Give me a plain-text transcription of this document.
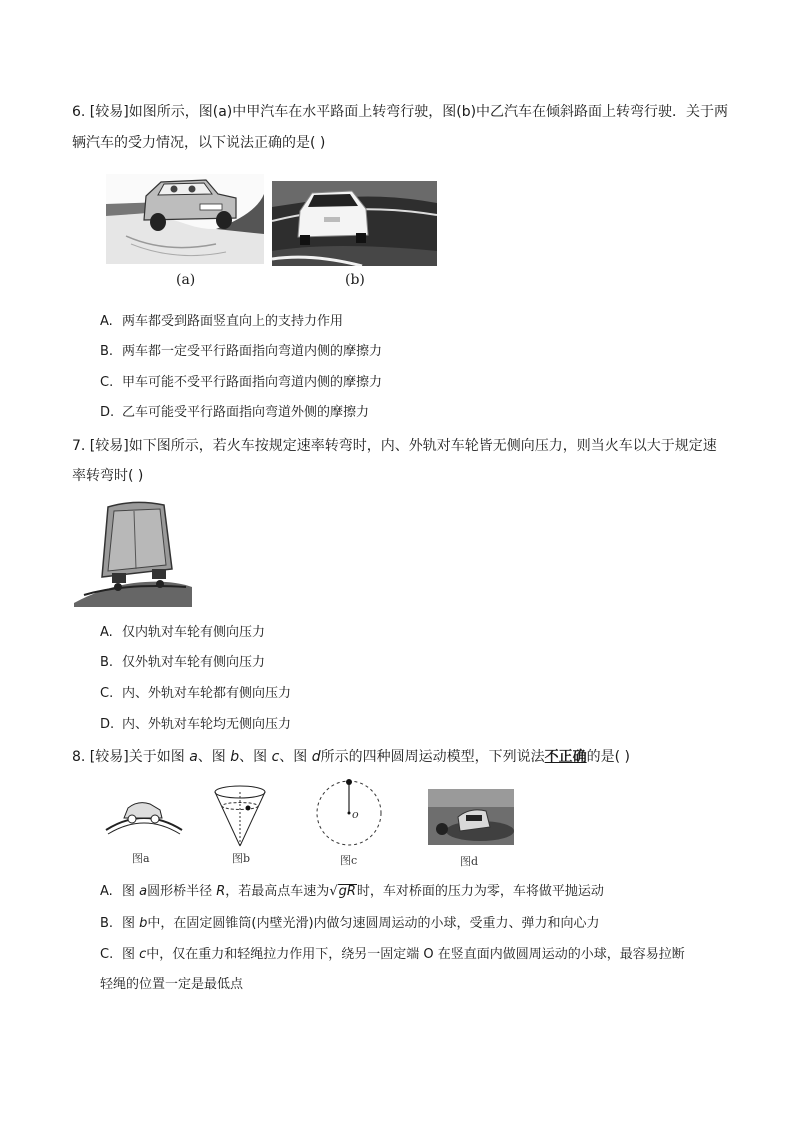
6. [较易]如图所示，图(a)中甲汽车在水平路面上转弯行驶，图(b)中乙汽车在倾斜路面上转弯行驶．关于两
辆汽车的受力情况，以下说法正确的是( )
(a)	(b)
A. 两车都受到路面竖直向上的支持力作用
B. 两车都一定受平行路面指向弯道内侧的摩擦力
C. 甲车可能不受平行路面指向弯道内侧的摩擦力
D. 乙车可能受平行路面指向弯道外侧的摩擦力
7. [较易]如下图所示，若火车按规定速率转弯时，内、外轨对车轮皆无侧向压力，则当火车以大于规定速
率转弯时( )
A. 仅内轨对车轮有侧向压力
B. 仅外轨对车轮有侧向压力
C. 内、外轨对车轮都有侧向压力
D. 内、外轨对车轮均无侧向压力
8. [较易]关于如图 a、图 b、图 c、图 d所示的四种圆周运动模型，下列说法不正确的是( )
图a	图b
o
图c	图d
A. 图 a圆形桥半径 R，若最高点车速为√gR时，车对桥面的压力为零，车将做平抛运动
B. 图 b中，在固定圆锥筒(内壁光滑)内做匀速圆周运动的小球，受重力、弹力和向心力
C. 图 c中，仅在重力和轻绳拉力作用下，绕另一固定端 O 在竖直面内做圆周运动的小球，最容易拉断
轻绳的位置一定是最低点
